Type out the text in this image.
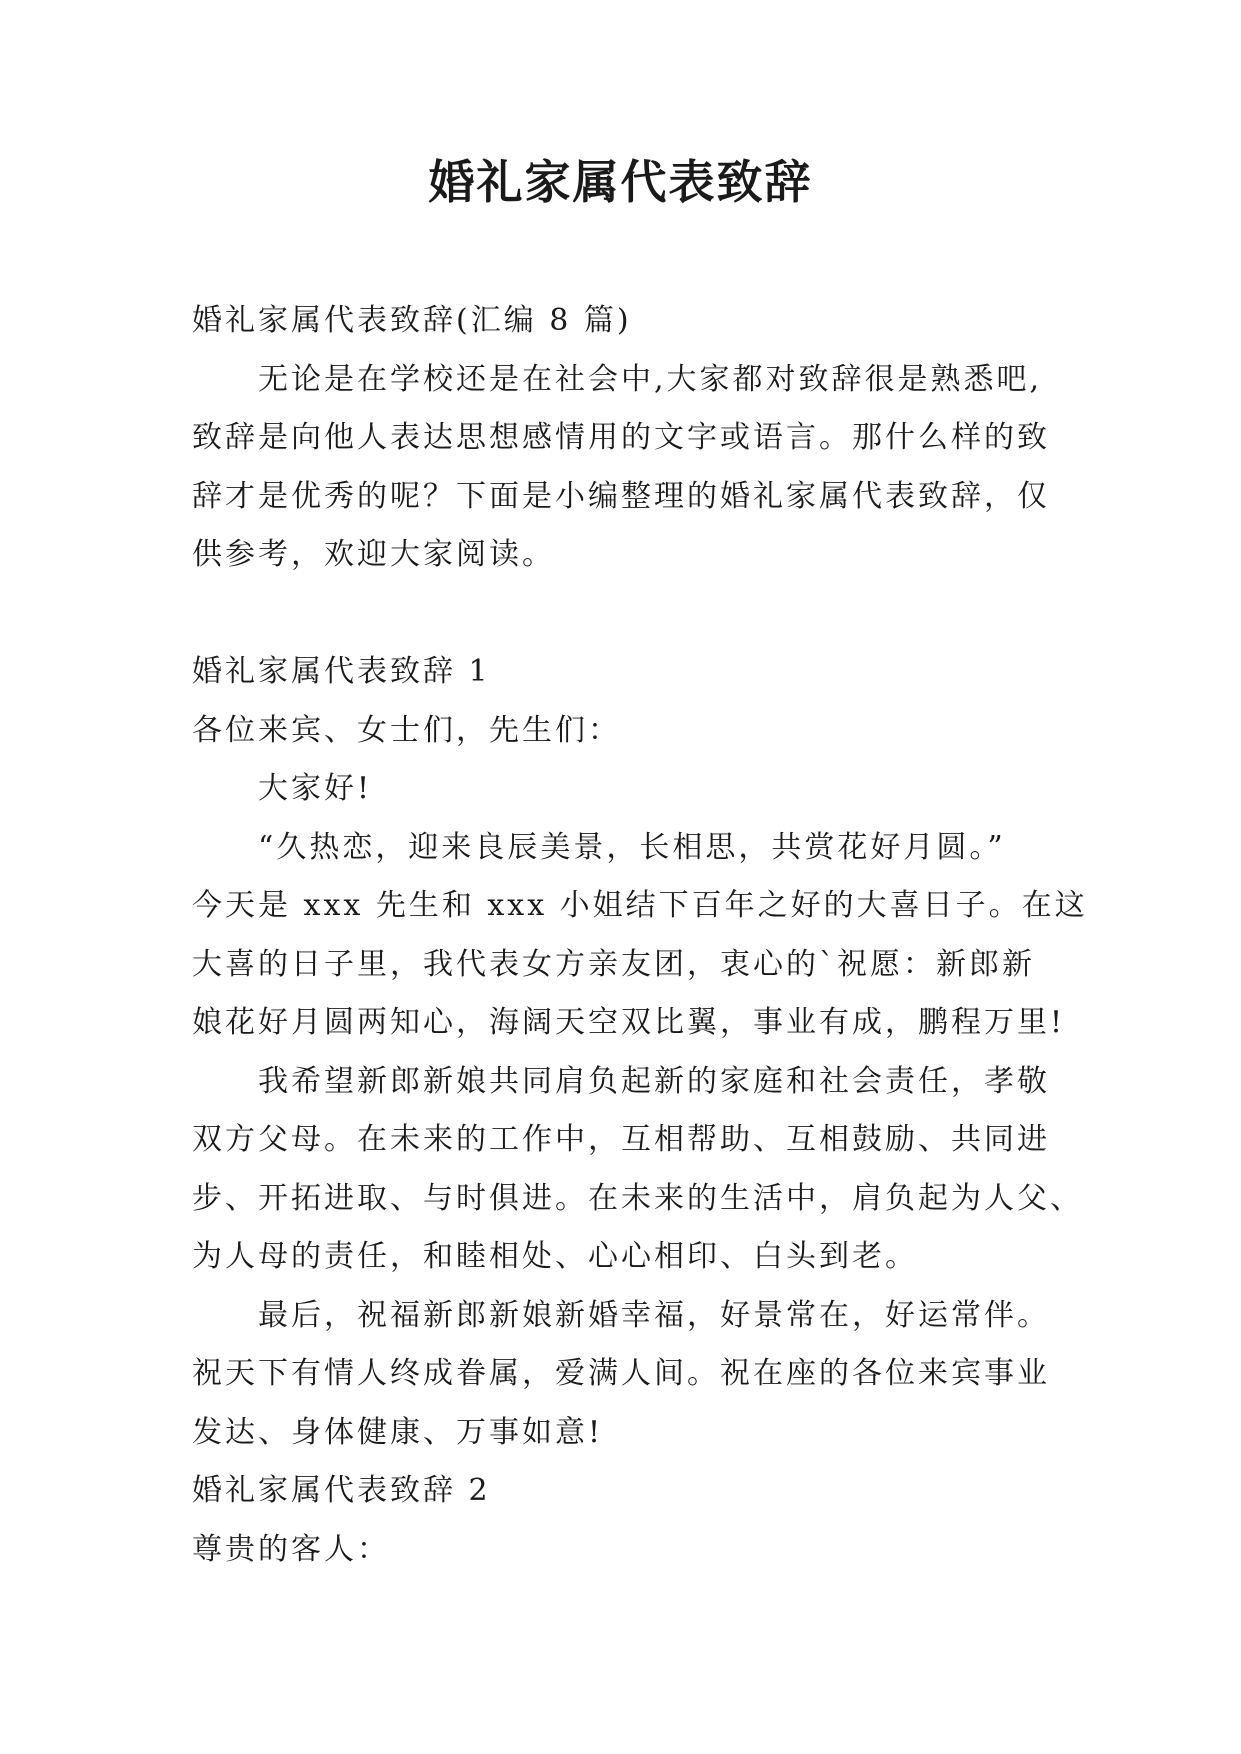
婚礼家属代表致辞

婚礼家属代表致辞(汇编 8 篇)

无论是在学校还是在社会中,大家都对致辞很是熟悉吧,

致辞是向他人表达思想感情用的文字或语言。那什么样的致

辞才是优秀的呢？下面是小编整理的婚礼家属代表致辞，仅

供参考，欢迎大家阅读。

婚礼家属代表致辞 1

各位来宾、女士们，先生们：

大家好!

“久热恋，迎来良辰美景，长相思，共赏花好月圆。”

今天是 xxx 先生和 xxx 小姐结下百年之好的大喜日子。在这

大喜的日子里，我代表女方亲友团，衷心的`祝愿：新郎新

娘花好月圆两知心，海阔天空双比翼，事业有成，鹏程万里!

我希望新郎新娘共同肩负起新的家庭和社会责任，孝敬

双方父母。在未来的工作中，互相帮助、互相鼓励、共同进

步、开拓进取、与时俱进。在未来的生活中，肩负起为人父、

为人母的责任，和睦相处、心心相印、白头到老。

最后，祝福新郎新娘新婚幸福，好景常在，好运常伴。

祝天下有情人终成眷属，爱满人间。祝在座的各位来宾事业

发达、身体健康、万事如意!

婚礼家属代表致辞 2

尊贵的客人：
